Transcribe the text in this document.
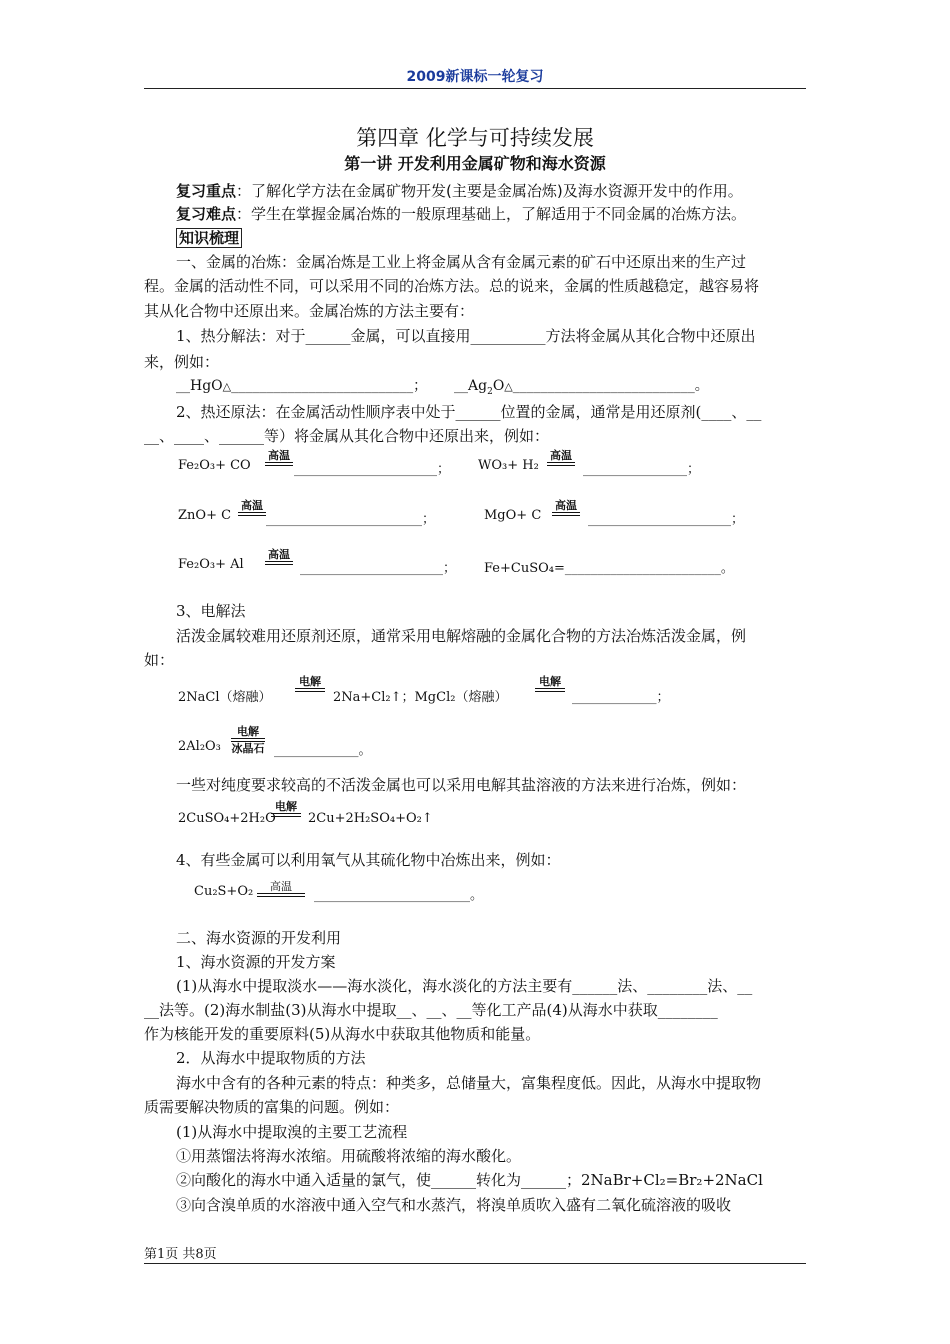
2009新课标一轮复习
第四章 化学与可持续发展
第一讲 开发利用金属矿物和海水资源
复习重点：了解化学方法在金属矿物开发(主要是金属冶炼)及海水资源开发中的作用。
复习难点：学生在掌握金属冶炼的一般原理基础上，了解适用于不同金属的冶炼方法。
知识梳理
一、金属的冶炼：金属冶炼是工业上将金属从含有金属元素的矿石中还原出来的生产过
程。金属的活动性不同，可以采用不同的冶炼方法。总的说来，金属的性质越稳定，越容易将
其从化合物中还原出来。金属冶炼的方法主要有：
1、热分解法：对于______金属，可以直接用__________方法将金属从其化合物中还原出
来，例如：
__HgO△__________________________； $\_\_Ag_2O\triangle\_\_\_\_\_\_\_\_\_\_\_\_\_\_\_\_\_\_\_\_\_\_\_\_\_\_$。
2、热还原法：在金属活动性顺序表中处于______位置的金属，通常是用还原剂(____、__
__、____、______等）将金属从其化合物中还原出来，例如：
Fe₂O₃+ CO
高温
______________________； WO₃+ H₂
高温
________________；
ZnO+ C
高温
________________________；	MgO+ C
高温
______________________；
Fe₂O₃+ Al
高温
______________________； Fe+CuSO₄=________________________。
3、电解法
活泼金属较难用还原剂还原，通常采用电解熔融的金属化合物的方法冶炼活泼金属，例
如：
2NaCl（熔融）
电解
2Na+Cl₂↑；MgCl₂（熔融）
电解
_____________；
2Al₂O₃
电解
冰晶石 _____________。
一些对纯度要求较高的不活泼金属也可以采用电解其盐溶液的方法来进行冶炼，例如：
2CuSO₄+2H₂O
电解
2Cu+2H₂SO₄+O₂↑
4、有些金属可以利用氧气从其硫化物中冶炼出来，例如：
Cu₂S+O₂	高温
________________________。
二、海水资源的开发利用
1、海水资源的开发方案
(1)从海水中提取淡水——海水淡化，海水淡化的方法主要有______法、________法、__
__法等。(2)海水制盐(3)从海水中提取__、__、__等化工产品(4)从海水中获取________
作为核能开发的重要原料(5)从海水中获取其他物质和能量。
2．从海水中提取物质的方法
海水中含有的各种元素的特点：种类多，总储量大，富集程度低。因此，从海水中提取物
质需要解决物质的富集的问题。例如：
(1)从海水中提取溴的主要工艺流程
①用蒸馏法将海水浓缩。用硫酸将浓缩的海水酸化。
②向酸化的海水中通入适量的氯气，使______转化为______；2NaBr+Cl₂=Br₂+2NaCl
③向含溴单质的水溶液中通入空气和水蒸汽，将溴单质吹入盛有二氧化硫溶液的吸收
第1页 共8页
